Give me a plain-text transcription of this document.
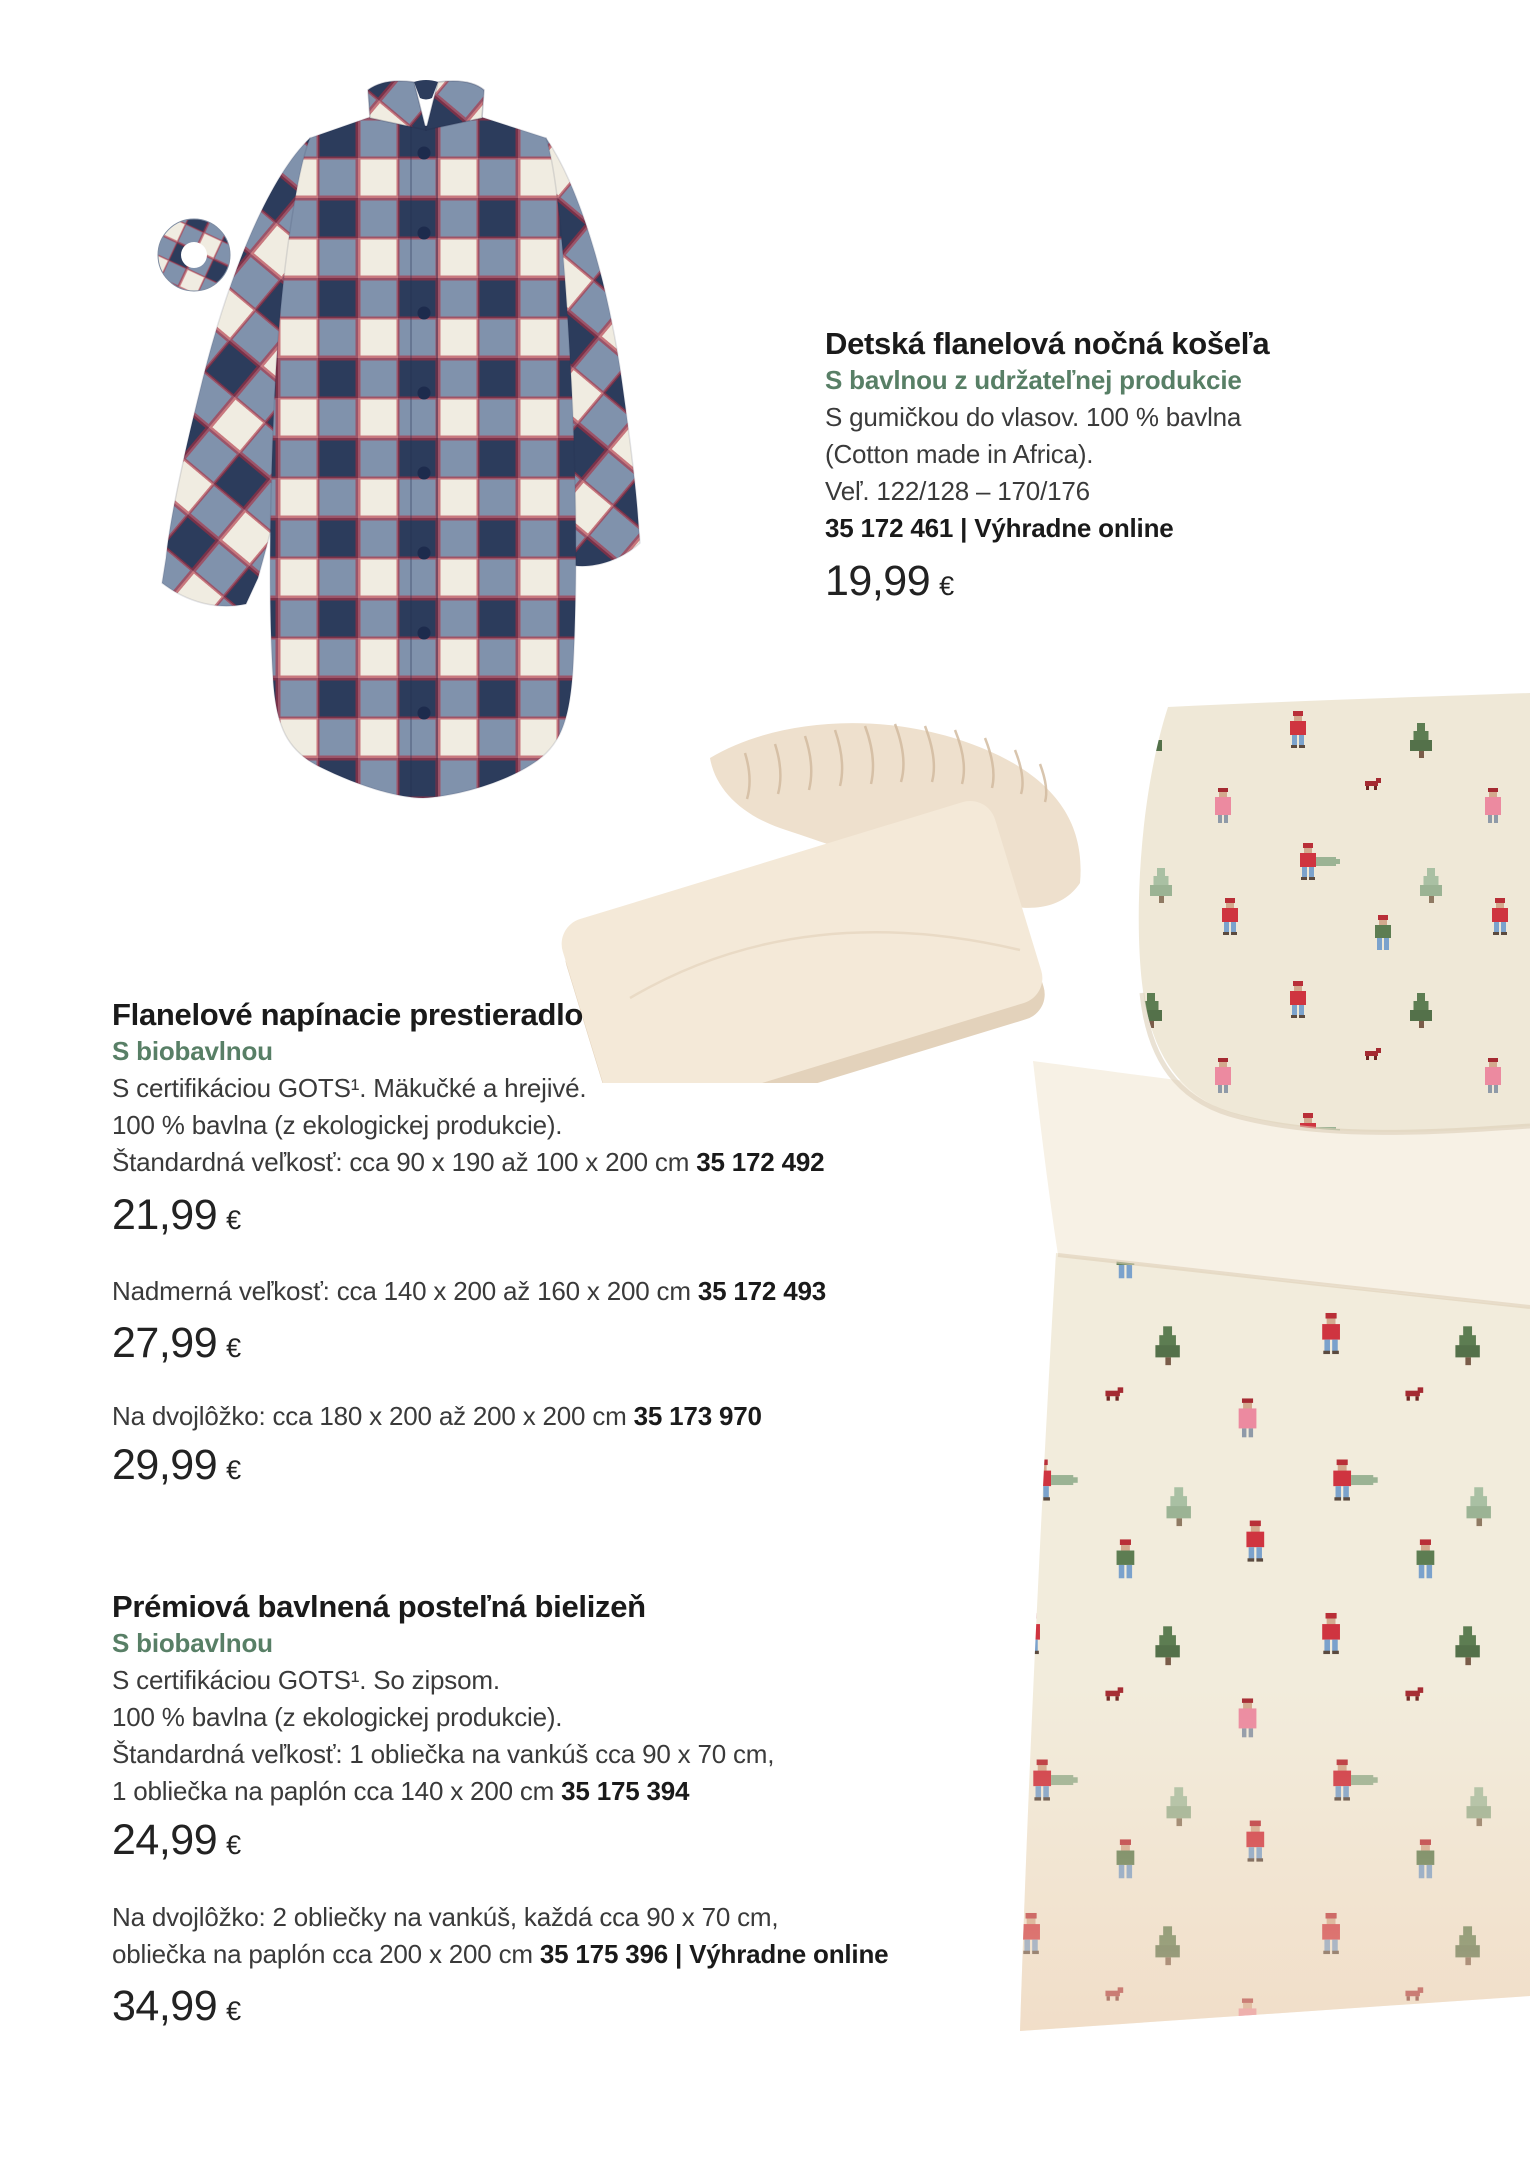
Detská flanelová nočná košeľa
S bavlnou z udržateľnej produkcie
S gumičkou do vlasov. 100 % bavlna
(Cotton made in Africa).
Veľ. 122/128 – 170/176
35 172 461 | Výhradne online
19,99 €
Flanelové napínacie prestieradlo
S biobavlnou
S certifikáciou GOTS¹. Mäkučké a hrejivé.
100 % bavlna (z ekologickej produkcie).
Štandardná veľkosť: cca 90 x 190 až 100 x 200 cm 35 172 492
21,99 €
Nadmerná veľkosť: cca 140 x 200 až 160 x 200 cm 35 172 493
27,99 €
Na dvojlôžko: cca 180 x 200 až 200 x 200 cm 35 173 970
29,99 €
Prémiová bavlnená posteľná bielizeň
S biobavlnou
S certifikáciou GOTS¹. So zipsom.
100 % bavlna (z ekologickej produkcie).
Štandardná veľkosť: 1 obliečka na vankúš cca 90 x 70 cm,
1 obliečka na paplón cca 140 x 200 cm 35 175 394
24,99 €
Na dvojlôžko: 2 obliečky na vankúš, každá cca 90 x 70 cm,
obliečka na paplón cca 200 x 200 cm 35 175 396 | Výhradne online
34,99 €
